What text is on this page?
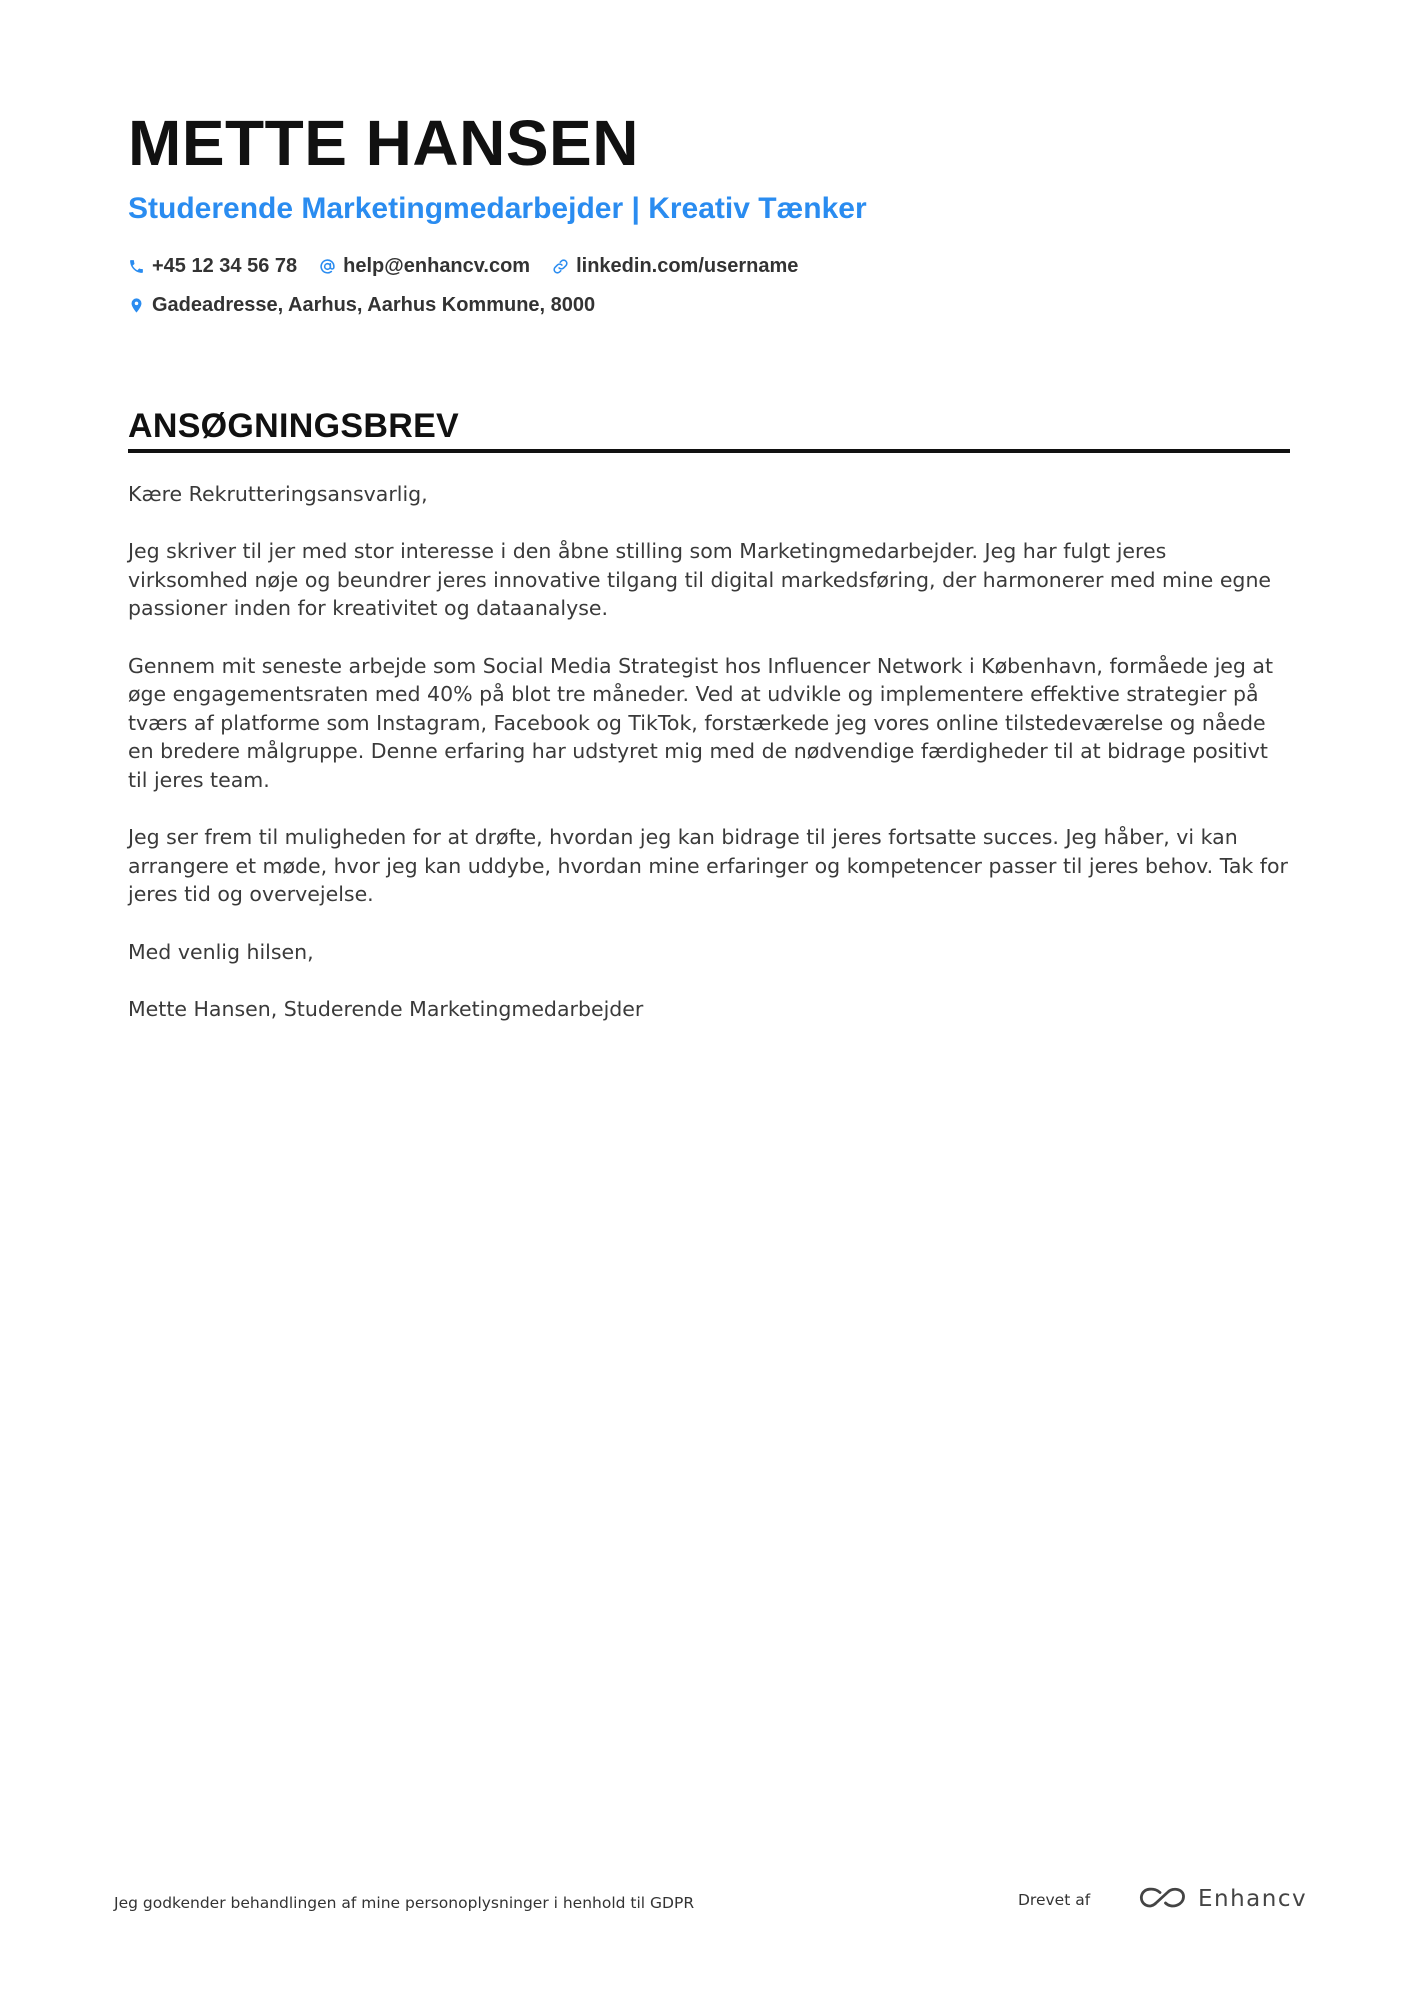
METTE HANSEN
Studerende Marketingmedarbejder | Kreativ Tænker
+45 12 34 56 78 help@enhancv.com linkedin.com/username
Gadeadresse, Aarhus, Aarhus Kommune, 8000
ANSØGNINGSBREV

Kære Rekrutteringsansvarlig,

Jeg skriver til jer med stor interesse i den åbne stilling som Marketingmedarbejder. Jeg har fulgt jeres virksomhed nøje og beundrer jeres innovative tilgang til digital markedsføring, der harmonerer med mine egne passioner inden for kreativitet og dataanalyse.

Gennem mit seneste arbejde som Social Media Strategist hos Influencer Network i København, formåede jeg at øge engagementsraten med 40% på blot tre måneder. Ved at udvikle og implementere effektive strategier på tværs af platforme som Instagram, Facebook og TikTok, forstærkede jeg vores online tilstedeværelse og nåede en bredere målgruppe. Denne erfaring har udstyret mig med de nødvendige færdigheder til at bidrage positivt til jeres team.

Jeg ser frem til muligheden for at drøfte, hvordan jeg kan bidrage til jeres fortsatte succes. Jeg håber, vi kan arrangere et møde, hvor jeg kan uddybe, hvordan mine erfaringer og kompetencer passer til jeres behov. Tak for jeres tid og overvejelse.

Med venlig hilsen,

Mette Hansen, Studerende Marketingmedarbejder

Jeg godkender behandlingen af mine personoplysninger i henhold til GDPR	Drevet af	Enhancv
